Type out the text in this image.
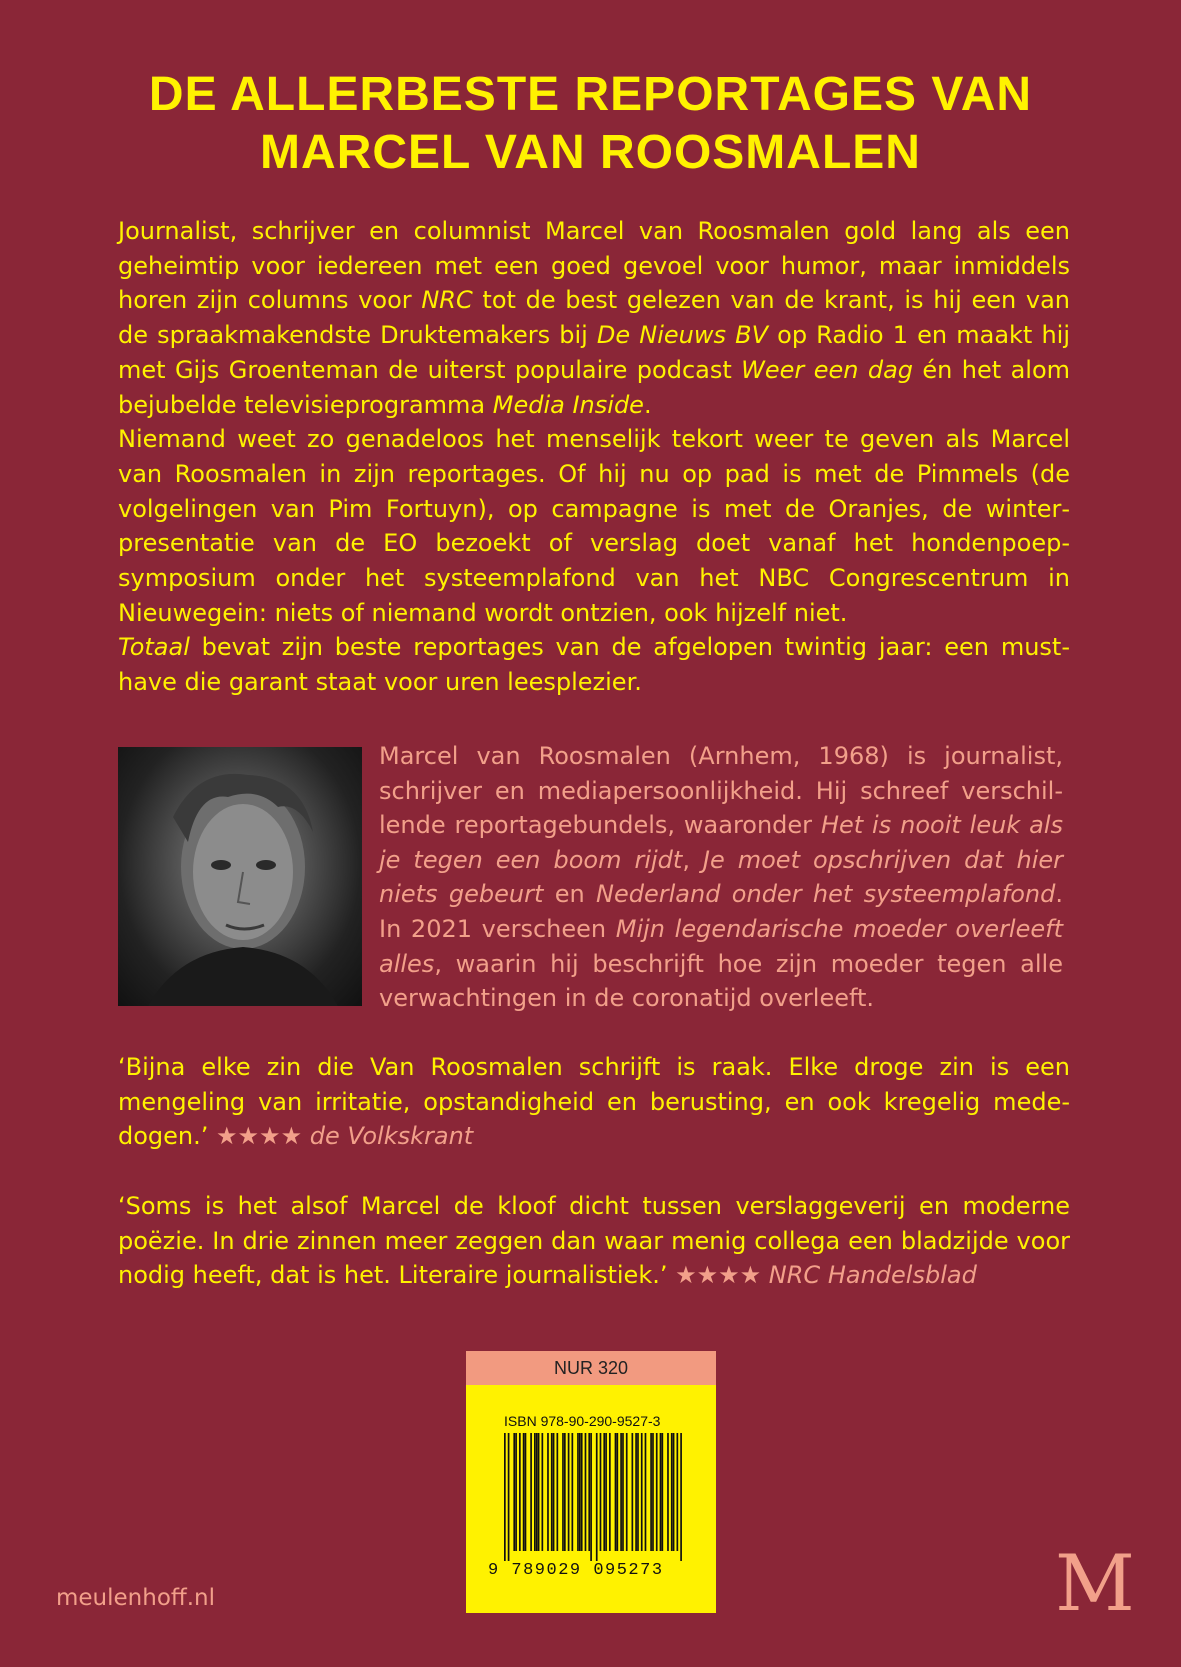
DE ALLERBESTE REPORTAGES VAN
MARCEL VAN ROOSMALEN

Journalist, schrijver en columnist Marcel van Roosmalen gold lang als een geheimtip voor iedereen met een goed gevoel voor humor, maar inmiddels horen zijn columns voor NRC tot de best gelezen van de krant, is hij een van de spraakmakendste Druktemakers bij De Nieuws BV op Radio 1 en maakt hij met Gijs Groenteman de uiterst populaire podcast Weer een dag én het alom bejubelde televisieprogramma Media Inside.

Niemand weet zo genadeloos het menselijk tekort weer te geven als Marcel van Roosmalen in zijn reportages. Of hij nu op pad is met de Pimmels (de volgelingen van Pim Fortuyn), op campagne is met de Oranjes, de winterpresentatie van de EO bezoekt of verslag doet vanaf het hondenpoepsymposium onder het systeemplafond van het NBC Congrescentrum in Nieuwegein: niets of niemand wordt ontzien, ook hijzelf niet.

Totaal bevat zijn beste reportages van de afgelopen twintig jaar: een musthave die garant staat voor uren leesplezier.

Marcel van Roosmalen (Arnhem, 1968) is journalist, schrijver en mediapersoonlijkheid. Hij schreef verschillende reportagebundels, waaronder Het is nooit leuk als je tegen een boom rijdt, Je moet opschrijven dat hier niets gebeurt en Nederland onder het systeemplafond. In 2021 verscheen Mijn legendarische moeder overleeft alles, waarin hij beschrijft hoe zijn moeder tegen alle verwachtingen in de coronatijd overleeft.

‘Bijna elke zin die Van Roosmalen schrijft is raak. Elke droge zin is een mengeling van irritatie, opstandigheid en berusting, en ook kregelig mededogen.’ ★★★★ de Volkskrant

‘Soms is het alsof Marcel de kloof dicht tussen verslaggeverij en moderne poëzie. In drie zinnen meer zeggen dan waar menig collega een bladzijde voor nodig heeft, dat is het. Literaire journalistiek.’ ★★★★ NRC Handelsblad

NUR 320
ISBN 978-90-290-9527-3
9 789029 095273
meulenhoff.nl	M
